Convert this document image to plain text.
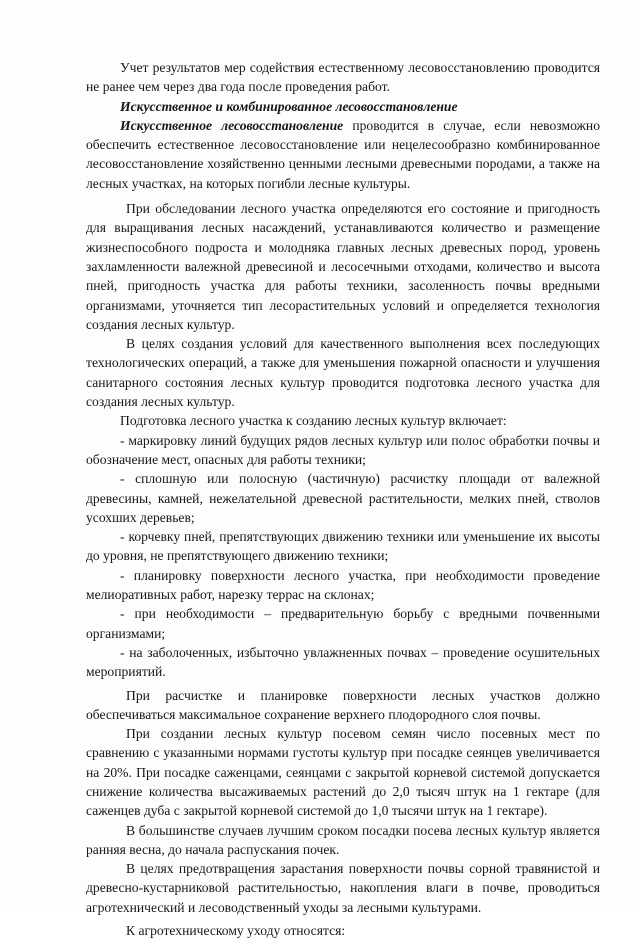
Учет результатов мер содействия естественному лесовосстановлению проводится не ранее чем через два года после проведения работ.

Искусственное и комбинированное лесовосстановление

Искусственное лесовосстановление проводится в случае, если невозможно обеспечить естественное лесовосстановление или нецелесообразно комбинированное лесовосстановление хозяйственно ценными лесными древесными породами, а также на лесных участках, на которых погибли лесные культуры.

При обследовании лесного участка определяются его состояние и пригодность для выращивания лесных насаждений, устанавливаются количество и размещение жизнеспособного подроста и молодняка главных лесных древесных пород, уровень захламленности валежной древесиной и лесосечными отходами, количество и высота пней, пригодность участка для работы техники, засоленность почвы вредными организмами, уточняется тип лесорастительных условий и определяется технология создания лесных культур.

В целях создания условий для качественного выполнения всех последующих технологических операций, а также для уменьшения пожарной опасности и улучшения санитарного состояния лесных культур проводится подготовка лесного участка для создания лесных культур.

Подготовка лесного участка к созданию лесных культур включает:

- маркировку линий будущих рядов лесных культур или полос обработки почвы и обозначение мест, опасных для работы техники;

- сплошную или полосную (частичную) расчистку площади от валежной древесины, камней, нежелательной древесной растительности, мелких пней, стволов усохших деревьев;

- корчевку пней, препятствующих движению техники или уменьшение их высоты до уровня, не препятствующего движению техники;

- планировку поверхности лесного участка, при необходимости проведение мелиоративных работ, нарезку террас на склонах;

- при необходимости – предварительную борьбу с вредными почвенными организмами;

- на заболоченных, избыточно увлажненных почвах – проведение осушительных мероприятий.

При расчистке и планировке поверхности лесных участков должно обеспечиваться максимальное сохранение верхнего плодородного слоя почвы.

При создании лесных культур посевом семян число посевных мест по сравнению с указанными нормами густоты культур при посадке сеянцев увеличивается на 20%. При посадке саженцами, сеянцами с закрытой корневой системой допускается снижение количества высаживаемых растений до 2,0 тысяч штук на 1 гектаре (для саженцев дуба с закрытой корневой системой до 1,0 тысячи штук на 1 гектаре).

В большинстве случаев лучшим сроком посадки посева лесных культур является ранняя весна, до начала распускания почек.

В целях предотвращения зарастания поверхности почвы сорной травянистой и древесно-кустарниковой растительностью, накопления влаги в почве, проводиться агротехнический и лесоводственный уходы за лесными культурами.

К агротехническому уходу относятся:
